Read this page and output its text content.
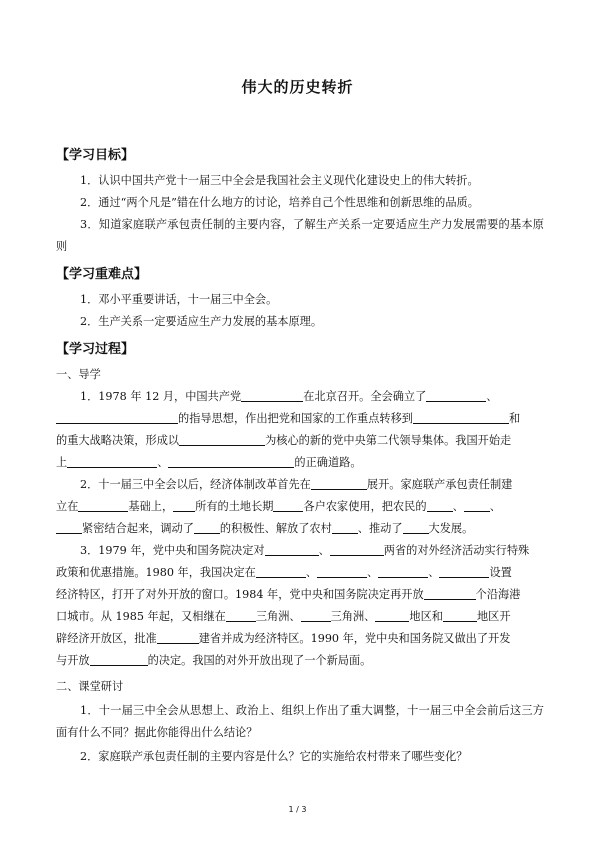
伟大的历史转折
【学习目标】
1．认识中国共产党十一届三中全会是我国社会主义现代化建设史上的伟大转折。
2．通过“两个凡是”错在什么地方的讨论，培养自己个性思维和创新思维的品质。
3．知道家庭联产承包责任制的主要内容，了解生产关系一定要适应生产力发展需要的基本原则
【学习重难点】
1．邓小平重要讲话，十一届三中全会。
2．生产关系一定要适应生产力发展的基本原理。
【学习过程】
一、导学
1．1978 年 12 月，中国共产党	在北京召开。全会确立了	、
的指导思想，作出把党和国家的工作重点转移到	和
的重大战略决策，形成以	为核心的新的党中央第二代领导集体。我国开始走
上	、	的正确道路。
2．十一届三中全会以后，经济体制改革首先在	展开。家庭联产承包责任制建
立在	基础上， 所有的土地长期	各户农家使用，把农民的 、 、
紧密结合起来，调动了 的积极性、解放了农村 、推动了 大发展。
3．1979 年，党中央和国务院决定对	、	两省的对外经济活动实行特殊
政策和优惠措施。1980 年，我国决定在	、	、	、	设置
经济特区，打开了对外开放的窗口。1984 年，党中央和国务院决定再开放	个沿海港
口城市。从 1985 年起，又相继在	三角洲、	三角洲、	地区和	地区开
辟经济开放区，批准	建省并成为经济特区。1990 年，党中央和国务院又做出了开发
与开放	的决定。我国的对外开放出现了一个新局面。
二、课堂研讨
1．十一届三中全会从思想上、政治上、组织上作出了重大调整，十一届三中全会前后这三方面有什么不同？据此你能得出什么结论？
2．家庭联产承包责任制的主要内容是什么？它的实施给农村带来了哪些变化？
1 / 3
